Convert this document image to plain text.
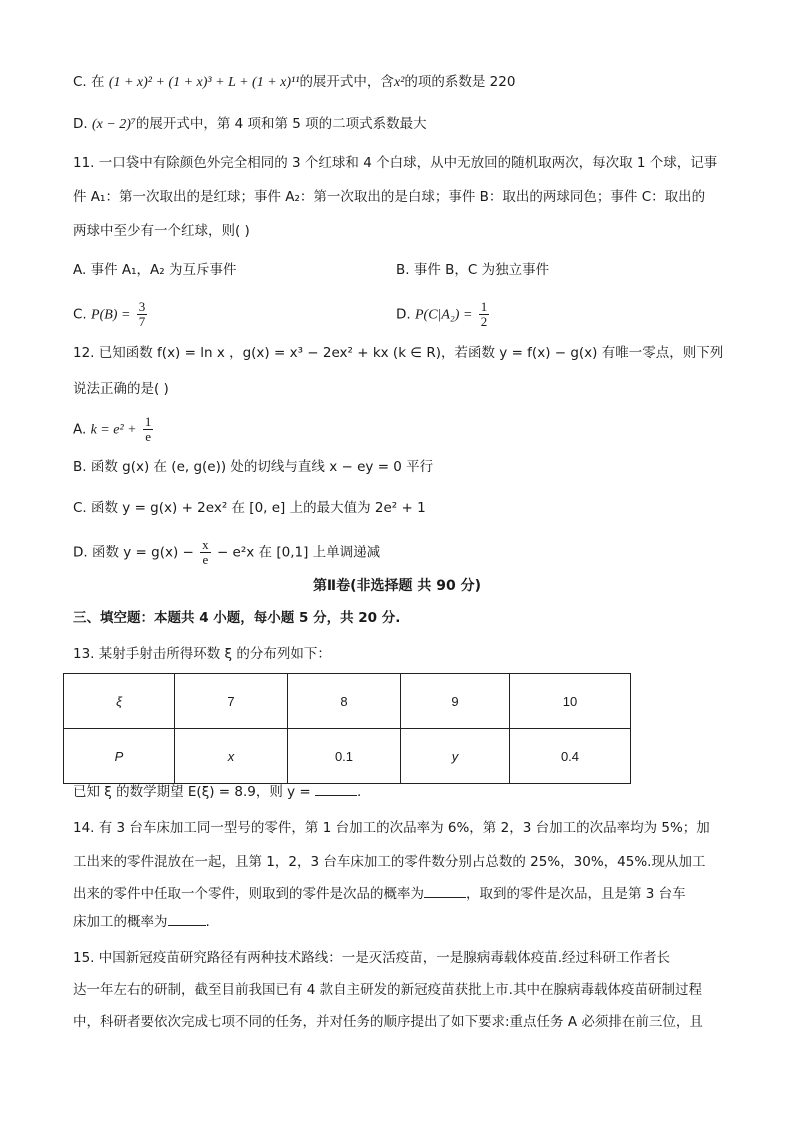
C. 在 (1 + x)² + (1 + x)³ + L + (1 + x)¹¹的展开式中，含x²的项的系数是 220
D. (x − 2)⁷的展开式中，第 4 项和第 5 项的二项式系数最大
11. 一口袋中有除颜色外完全相同的 3 个红球和 4 个白球，从中无放回的随机取两次，每次取 1 个球，记事
件 A₁：第一次取出的是红球；事件 A₂：第一次取出的是白球；事件 B：取出的两球同色；事件 C：取出的
两球中至少有一个红球，则( )
A. 事件 A₁，A₂ 为互斥事件	B. 事件 B，C 为独立事件
C. $P(B) = \frac{3}{7}$	D. $P(C|A_2) = \frac{1}{2}$
12. 已知函数 f(x) = ln x ，g(x) = x³ − 2ex² + kx (k ∈ R)，若函数 y = f(x) − g(x) 有唯一零点，则下列
说法正确的是( )
A. $k = e^2 + \frac{1}{e}$
B. 函数 g(x) 在 (e, g(e)) 处的切线与直线 x − ey = 0 平行
C. 函数 y = g(x) + 2ex² 在 [0, e] 上的最大值为 2e² + 1
D. 函数 $y = g(x) - \frac{x}{e} - e^2x$ 在 [0,1] 上单调递减
第Ⅱ卷(非选择题 共 90 分)
三、填空题：本题共 4 小题，每小题 5 分，共 20 分.
13. 某射手射击所得环数 ξ 的分布列如下：
ξ	7	8	9	10
P	x	0.1	y	0.4
已知 ξ 的数学期望 E(ξ) = 8.9，则 y =	.
14. 有 3 台车床加工同一型号的零件，第 1 台加工的次品率为 6%，第 2，3 台加工的次品率均为 5%；加
工出来的零件混放在一起，且第 1，2，3 台车床加工的零件数分别占总数的 25%，30%，45%.现从加工
出来的零件中任取一个零件，则取到的零件是次品的概率为	，取到的零件是次品，且是第 3 台车
床加工的概率为	.
15. 中国新冠疫苗研究路径有两种技术路线：一是灭活疫苗，一是腺病毒载体疫苗.经过科研工作者长
达一年左右的研制，截至目前我国已有 4 款自主研发的新冠疫苗获批上市.其中在腺病毒载体疫苗研制过程
中，科研者要依次完成七项不同的任务，并对任务的顺序提出了如下要求:重点任务 A 必须排在前三位，且
